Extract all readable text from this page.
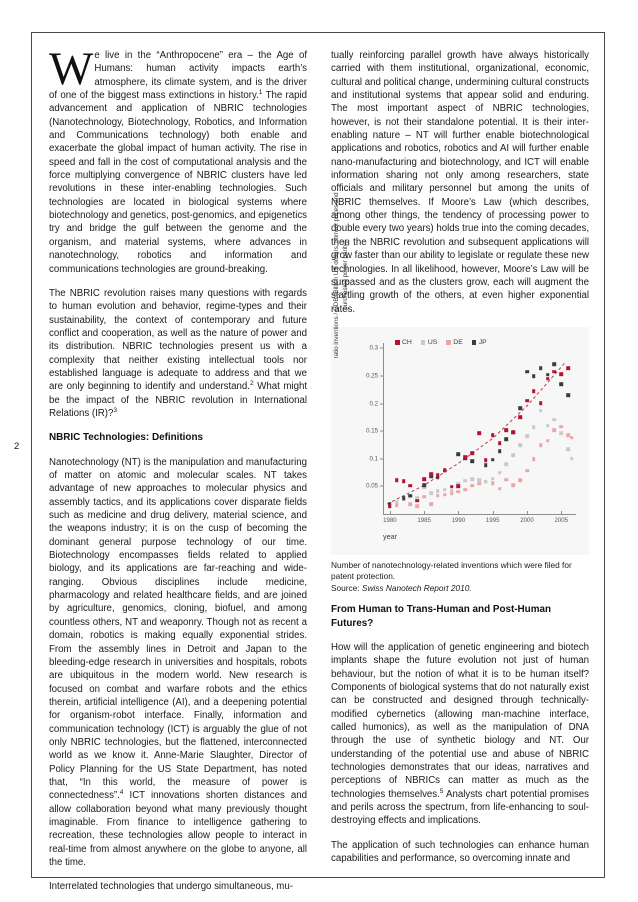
We live in the “Anthropocene” era – the Age of Humans: human activity impacts earth’s atmosphere, its climate system, and is the driver of one of the biggest mass extinctions in history.$^1$ The rapid advancement and application of NBRIC technologies (Nanotechnology, Biotechnology, Robotics, and Information and Communications technology) both enable and exacerbate the global impact of human activity. The rise in speed and fall in the cost of computational analysis and the force multiplying convergence of NBRIC clusters have led revolutions in these inter-enabling technologies. Such technologies are located in biological systems where biotechnology and genetics, post-genomics, and epigenetics try and bridge the gulf between the genome and the organism, and material systems, where advances in nanotechnology, robotics and information and communications technologies are ground-breaking.

The NBRIC revolution raises many questions with regards to human evolution and behavior, regime-types and their sustainability, the context of contemporary and future conflict and cooperation, as well as the nature of power and its distribution. NBRIC technologies present us with a complexity that neither existing intellectual tools nor established language is adequate to address and that we are only beginning to identify and understand.$^2$ What might be the impact of the NBRIC revolution in International Relations (IR)?$^3$

NBRIC Technologies: Definitions

Nanotechnology (NT) is the manipulation and manufacturing of matter on atomic and molecular scales. NT takes advantage of new approaches to molecular physics and assembly tactics, and its applications cover disparate fields such as medicine and drug delivery, material science, and the weapons industry; it is on the cusp of becoming the dominant general purpose technology of our time. Biotechnology encompasses fields related to applied biology, and its applications are far-reaching and wide-ranging. Obvious disciplines include medicine, pharmacology and related healthcare fields, and are joined by agriculture, genomics, cloning, biofuel, and among countless others, NT and weaponry. Though not as recent a domain, robotics is making equally exponential strides. From the assembly lines in Detroit and Japan to the bleeding-edge research in universities and hospitals, robots are ubiquitous in the modern world. New research is focused on combat and warfare robots and the ethics therein, artificial intelligence (AI), and a deepening potential for organism-robot interface. Finally, information and communication technology (ICT) is arguably the glue of not only NBRIC technologies, but the flattened, interconnected world as we know it. Anne-Marie Slaughter, Director of Policy Planning for the US State Department, has noted that, “In this world, the measure of power is connectedness”.$^4$ ICT innovations shorten distances and allow collaboration beyond what many previously thought imaginable. From finance to intelligence gathering to recreation, these technologies allow people to interact in real-time from almost anywhere on the globe to anyone, all the time.

Interrelated technologies that undergo simultaneous, mu-

tually reinforcing parallel growth have always historically carried with them institutional, organizational, economic, cultural and political change, undermining cultural constructs and institutional systems that appear solid and enduring. The most important aspect of NBRIC technologies, however, is not their standalone potential. It is their inter-enabling nature – NT will further enable biotechnological applications and robotics, robotics and AI will further enable nano-manufacturing and biotechnology, and ICT will enable information sharing not only among researchers, state officials and military personnel but among the units of NBRIC themselves. If Moore’s Law (which describes, among other things, the tendency of processing power to double every two years) holds true into the coming decades, then the NBRIC revolution and subsequent applications will grow faster than our ability to legislate or regulate these new technologies. In all likelihood, however, Moore’s Law will be surpassed and as the clusters grow, each will augment the startling growth of the others, at even higher exponential rates.

CH US DE JP
ratio inventions / GDB (Billion US dollars, current prices and purchasing power parity)
year
0.05
0.1
0.15
0.2
0.25
0.3
1980	1985	1990	1995	2000	2005

Number of nanotechnology-related inventions which were filed for patent protection.
Source: Swiss Nanotech Report 2010.

From Human to Trans-Human and Post-Human Futures?

How will the application of genetic engineering and biotech implants shape the future evolution not just of human behaviour, but the notion of what it is to be human itself? Components of biological systems that do not naturally exist can be constructed and designed through technically-modified cybernetics (allowing man-machine interface, called humonics), as well as the manipulation of DNA through the use of synthetic biology and NT. Our understanding of the potential use and abuse of NBRIC technologies demonstrates that our ideas, narratives and perceptions of NBRICs can matter as much as the technologies themselves.$^5$ Analysts chart potential promises and perils across the spectrum, from life-enhancing to soul-destroying effects and implications.

The application of such technologies can enhance human capabilities and performance, so overcoming innate and

2
